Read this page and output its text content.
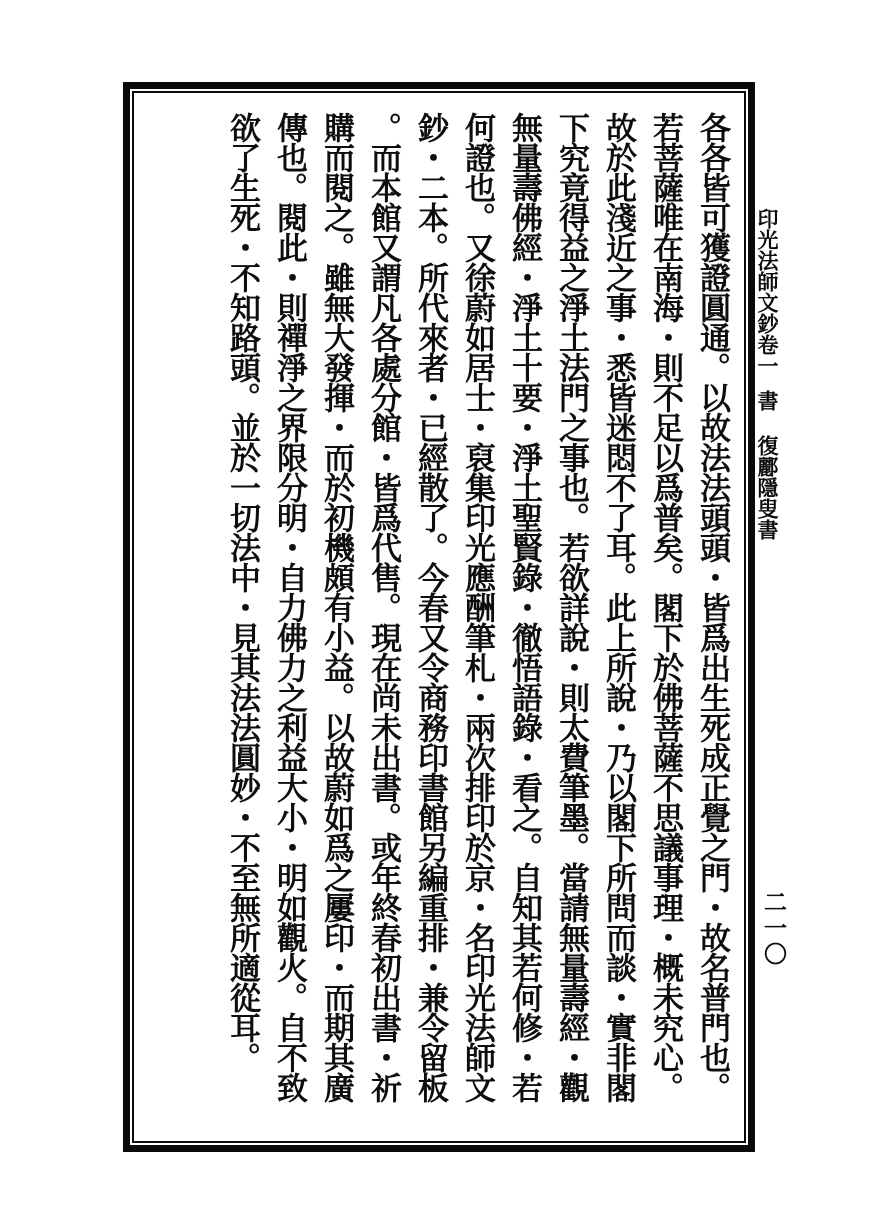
各各皆可獲證圓通。以故法法頭頭・皆爲出生死成正覺之門・故名普門也。
若菩薩唯在南海・則不足以爲普矣。閣下於佛菩薩不思議事理・概未究心。
故於此淺近之事・悉皆迷悶不了耳。此上所說・乃以閣下所問而談・實非閣
下究竟得益之淨土法門之事也。若欲詳說・則太費筆墨。當請無量壽經・觀
無量壽佛經・淨土十要・淨土聖賢錄・徹悟語錄・看之。自知其若何修・若
何證也。又徐蔚如居士・裒集印光應酬筆札・兩次排印於京・名印光法師文
鈔・二本。所代來者・已經散了。今春又令商務印書館另編重排・兼令留板
。而本館又謂凡各處分館・皆爲代售。現在尚未出書。或年終春初出書・祈
購而閱之。雖無大發揮・而於初機頗有小益。以故蔚如爲之屢印・而期其廣
傳也。閱此・則禪淨之界限分明・自力佛力之利益大小・明如觀火。自不致
欲了生死・不知路頭。並於一切法中・見其法法圓妙・不至無所適從耳。	印光法師文鈔卷一書復酈隱叟書
二一〇
